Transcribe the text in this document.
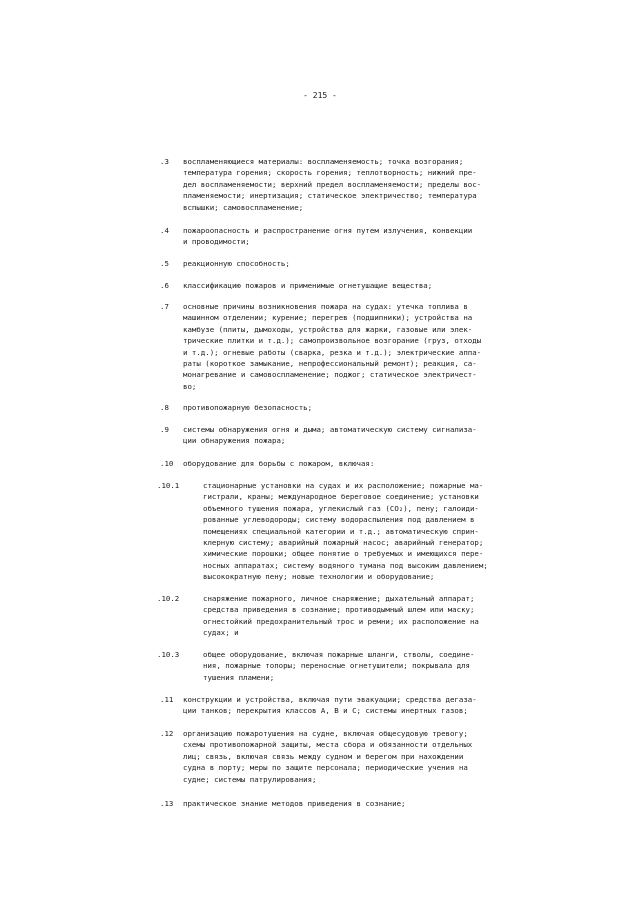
- 215 -
.3 воспламеняющиеся материалы: воспламеняемость; точка возгорания;
температура горения; скорость горения; теплотворность; нижний пре-
дел воспламеняемости; верхний предел воспламеняемости; пределы вос-
пламеняемости; инертизация; статическое электричество; температура
вспышки; самовоспламенение;
.4 пожароопасность и распространение огня путем излучения, конвекции
и проводимости;
.5 реакционную способность;
.6 классификацию пожаров и применимые огнетушащие вещества;
.7 основные причины возникновения пожара на судах: утечка топлива в
машинном отделении; курение; перегрев (подшипники); устройства на
камбузе (плиты, дымоходы, устройства для жарки, газовые или элек-
трические плитки и т.д.); самопроизвольное возгорание (груз, отходы
и т.д.); огневые работы (сварка, резка и т.д.); электрические аппа-
раты (короткое замыкание, непрофессиональный ремонт); реакция, са-
монагревание и самовоспламенение; поджог; статическое электричест-
во;
.8 противопожарную безопасность;
.9 системы обнаружения огня и дыма; автоматическую систему сигнализа-
ции обнаружения пожара;
.10 оборудование для борьбы с пожаром, включая:
.10.1	стационарные установки на судах и их расположение; пожарные ма-
гистрали, краны; международное береговое соединение; установки
объемного тушения пожара, углекислый газ (CO₂), пену; галоиди-
рованные углеводороды; систему водораспыления под давлением в
помещениях специальной категории и т.д.; автоматическую сприн-
клерную систему; аварийный пожарный насос; аварийный генератор;
химические порошки; общее понятие о требуемых и имеющихся пере-
носных аппаратах; систему водяного тумана под высоким давлением;
высокократную пену; новые технологии и оборудование;
.10.2	снаряжение пожарного, личное снаряжение; дыхательный аппарат;
средства приведения в сознание; противодымный шлем или маску;
огнестойкий предохранительный трос и ремни; их расположение на
судах; и
.10.3	общее оборудование, включая пожарные шланги, стволы, соедине-
ния, пожарные топоры; переносные огнетушители; покрывала для
тушения пламени;
.11 конструкции и устройства, включая пути эвакуации; средства дегаза-
ции танков; перекрытия классов А, В и С; системы инертных газов;
.12 организацию пожаротушения на судне, включая общесудовую тревогу;
схемы противопожарной защиты, места сбора и обязанности отдельных
лиц; связь, включая связь между судном и берегом при нахождении
судна в порту; меры по защите персонала; периодические учения на
судне; системы патрулирования;
.13 практическое знание методов приведения в сознание;
